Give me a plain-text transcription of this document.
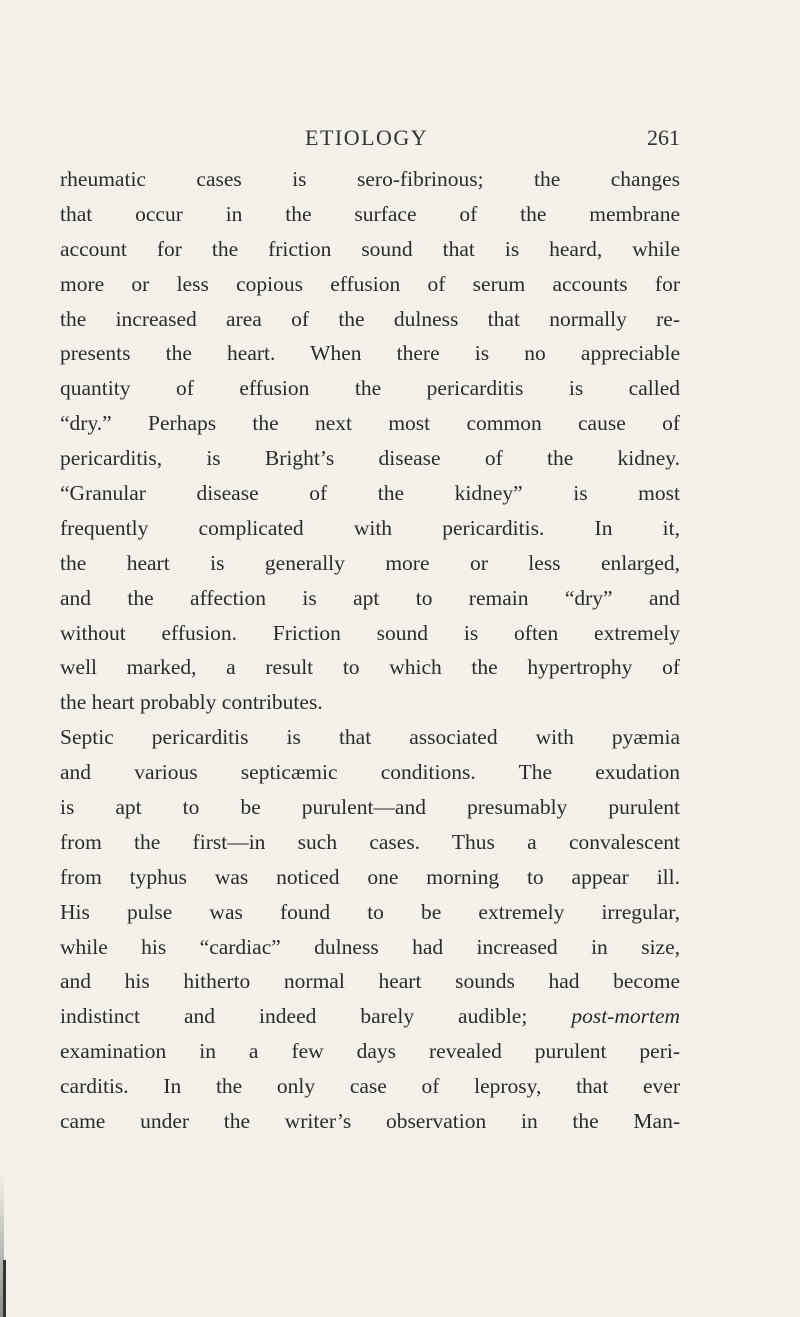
ETIOLOGY	261
rheumatic cases is sero-fibrinous; the changes
that occur in the surface of the membrane
account for the friction sound that is heard, while
more or less copious effusion of serum accounts for
the increased area of the dulness that normally re-
presents the heart. When there is no appreciable
quantity of effusion the pericarditis is called
“dry.” Perhaps the next most common cause of
pericarditis, is Bright’s disease of the kidney.
“Granular disease of the kidney” is most
frequently complicated with pericarditis. In it,
the heart is generally more or less enlarged,
and the affection is apt to remain “dry” and
without effusion. Friction sound is often extremely
well marked, a result to which the hypertrophy of
the heart probably contributes.
Septic pericarditis is that associated with pyæmia
and various septicæmic conditions. The exudation
is apt to be purulent—and presumably purulent
from the first—in such cases. Thus a convalescent
from typhus was noticed one morning to appear ill.
His pulse was found to be extremely irregular,
while his “cardiac” dulness had increased in size,
and his hitherto normal heart sounds had become
indistinct and indeed barely audible; post-mortem
examination in a few days revealed purulent peri-
carditis. In the only case of leprosy, that ever
came under the writer’s observation in the Man-
